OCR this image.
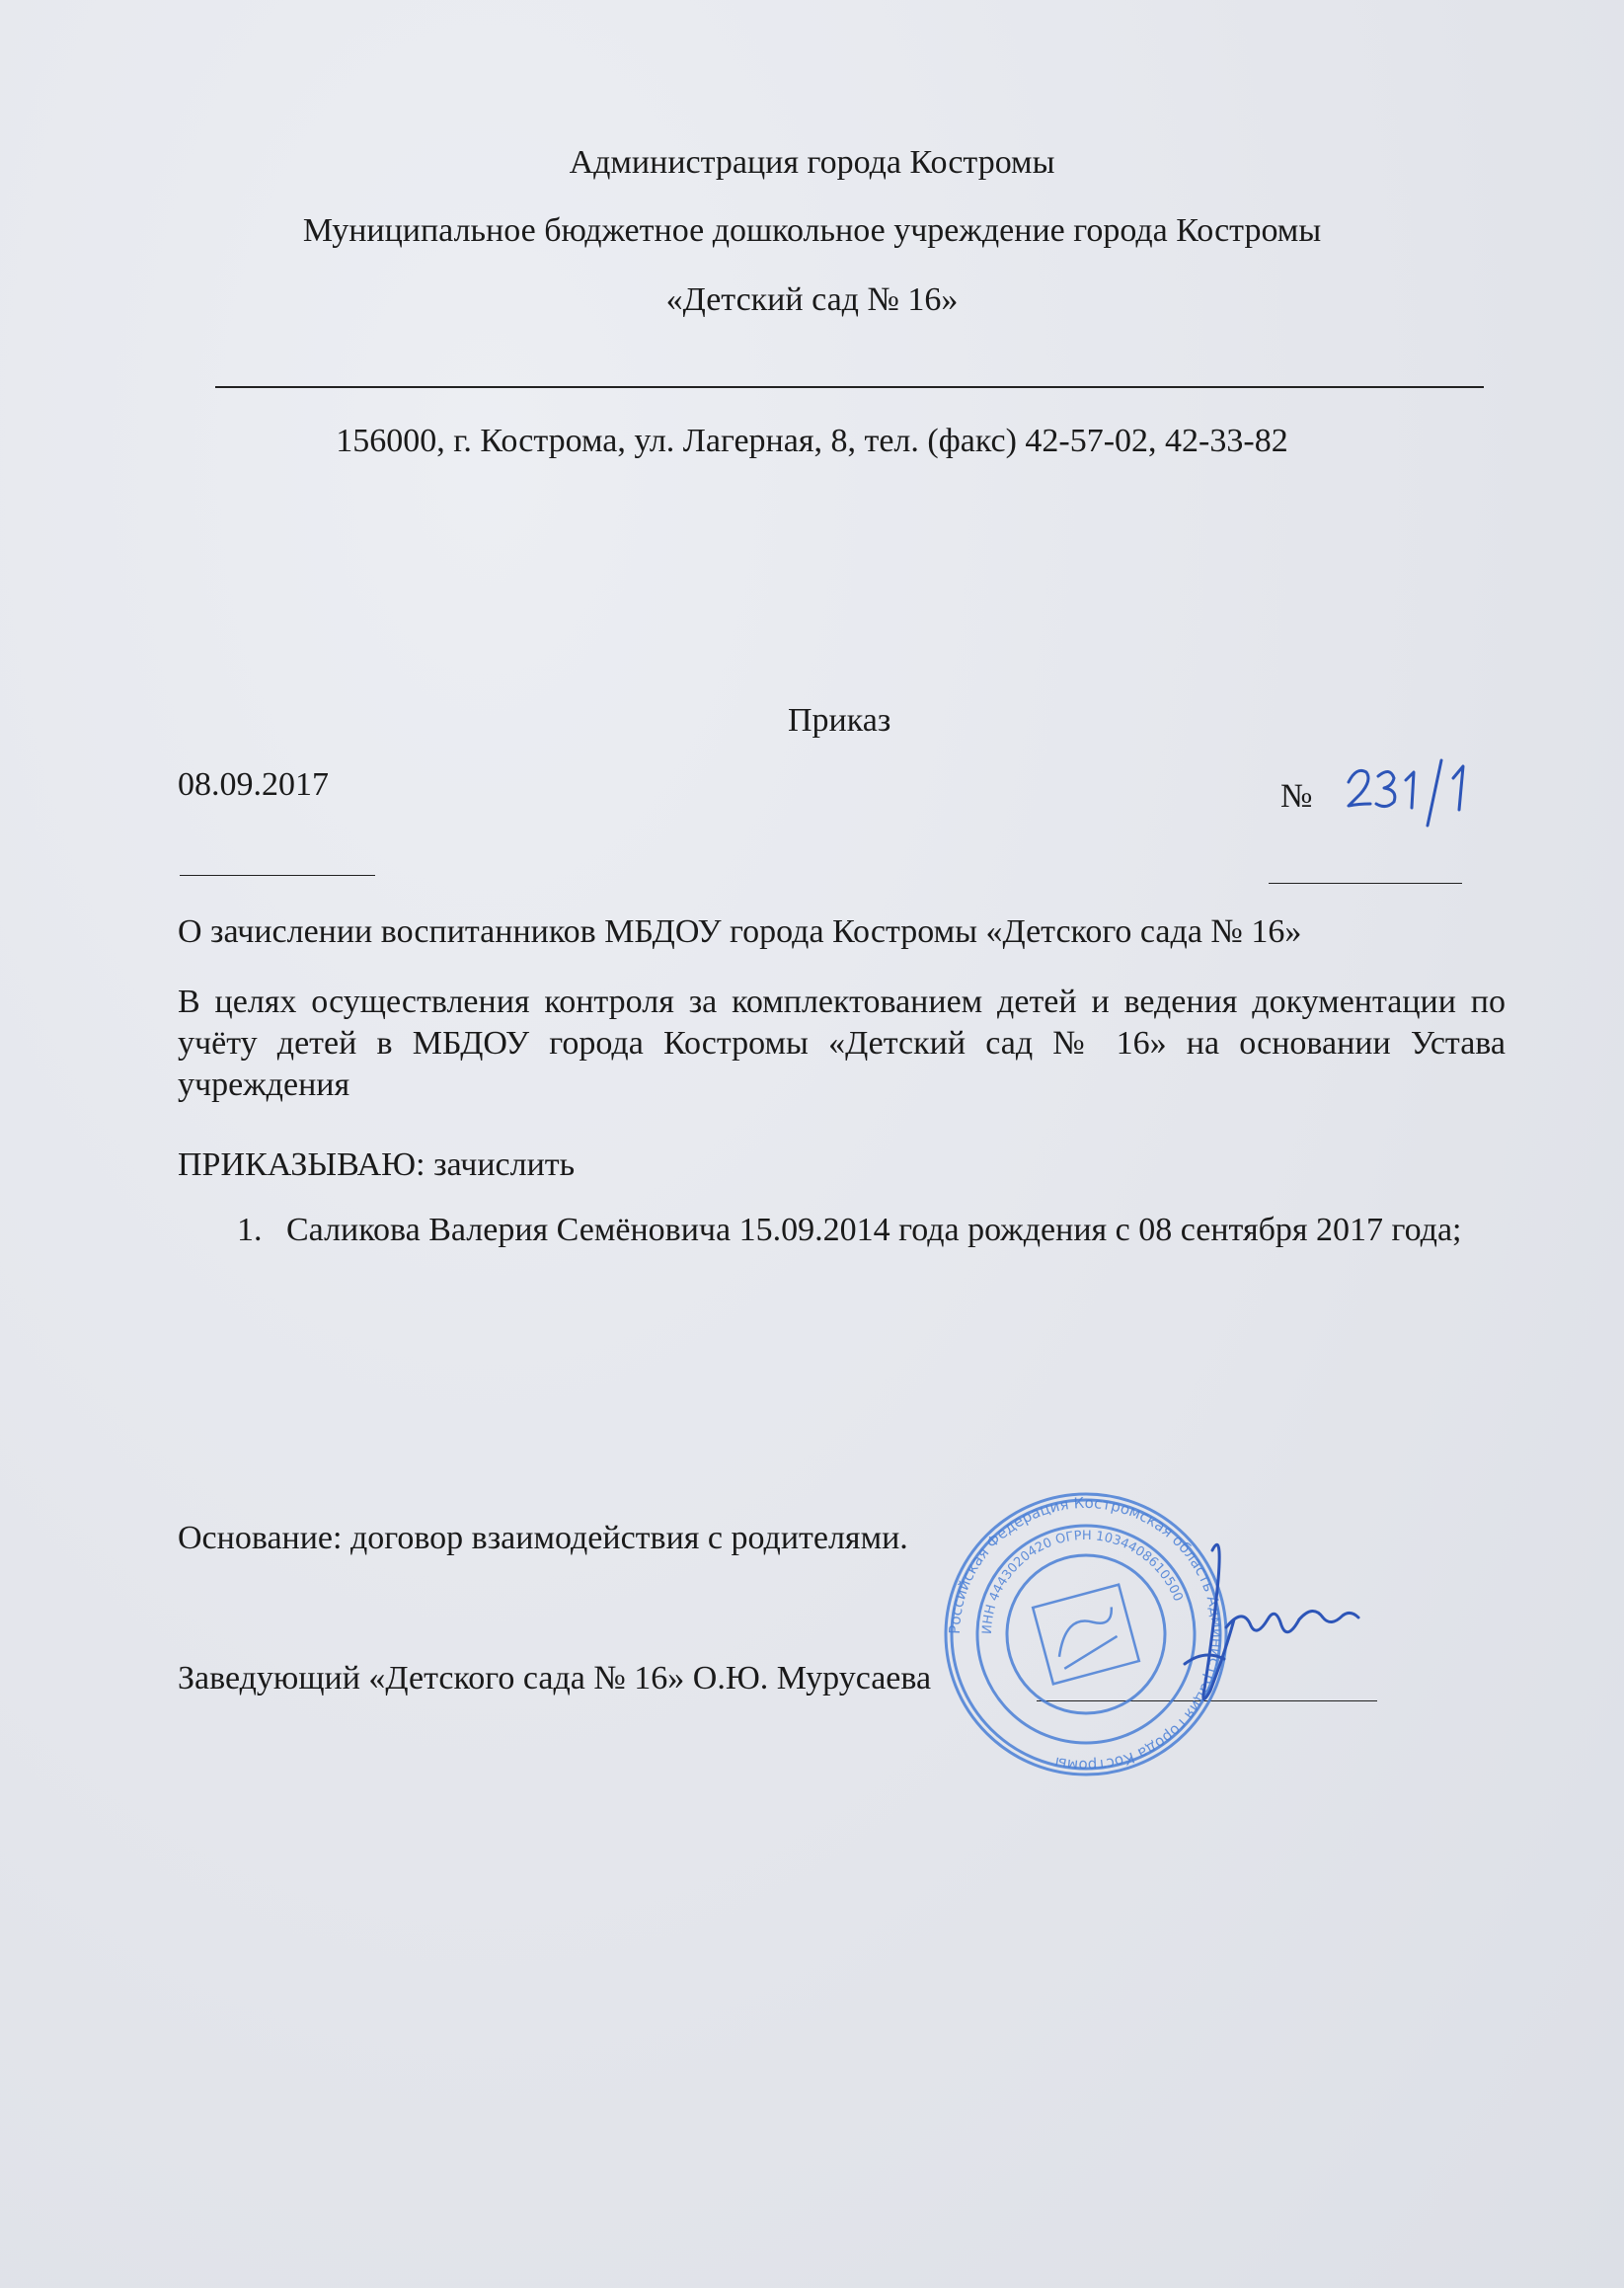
Администрация города Костромы
Муниципальное бюджетное дошкольное учреждение города Костромы
«Детский сад № 16»
156000, г. Кострома, ул. Лагерная, 8, тел. (факс) 42-57-02, 42-33-82
Приказ
08.09.2017	№
О зачислении воспитанников МБДОУ города Костромы «Детского сада № 16»
В целях осуществления контроля за комплектованием детей и ведения документации по учёту детей в МБДОУ города Костромы «Детский сад № 16» на основании Устава учреждения
ПРИКАЗЫВАЮ: зачислить
1. Саликова Валерия Семёновича 15.09.2014 года рождения с 08 сентября 2017 года;
Основание: договор взаимодействия с родителями.
Заведующий «Детского сада № 16» О.Ю. Мурусаева
Российская Федерация Костромская область Администрация города Костромы
ИНН 4443020420 ОГРН 1034408610500
